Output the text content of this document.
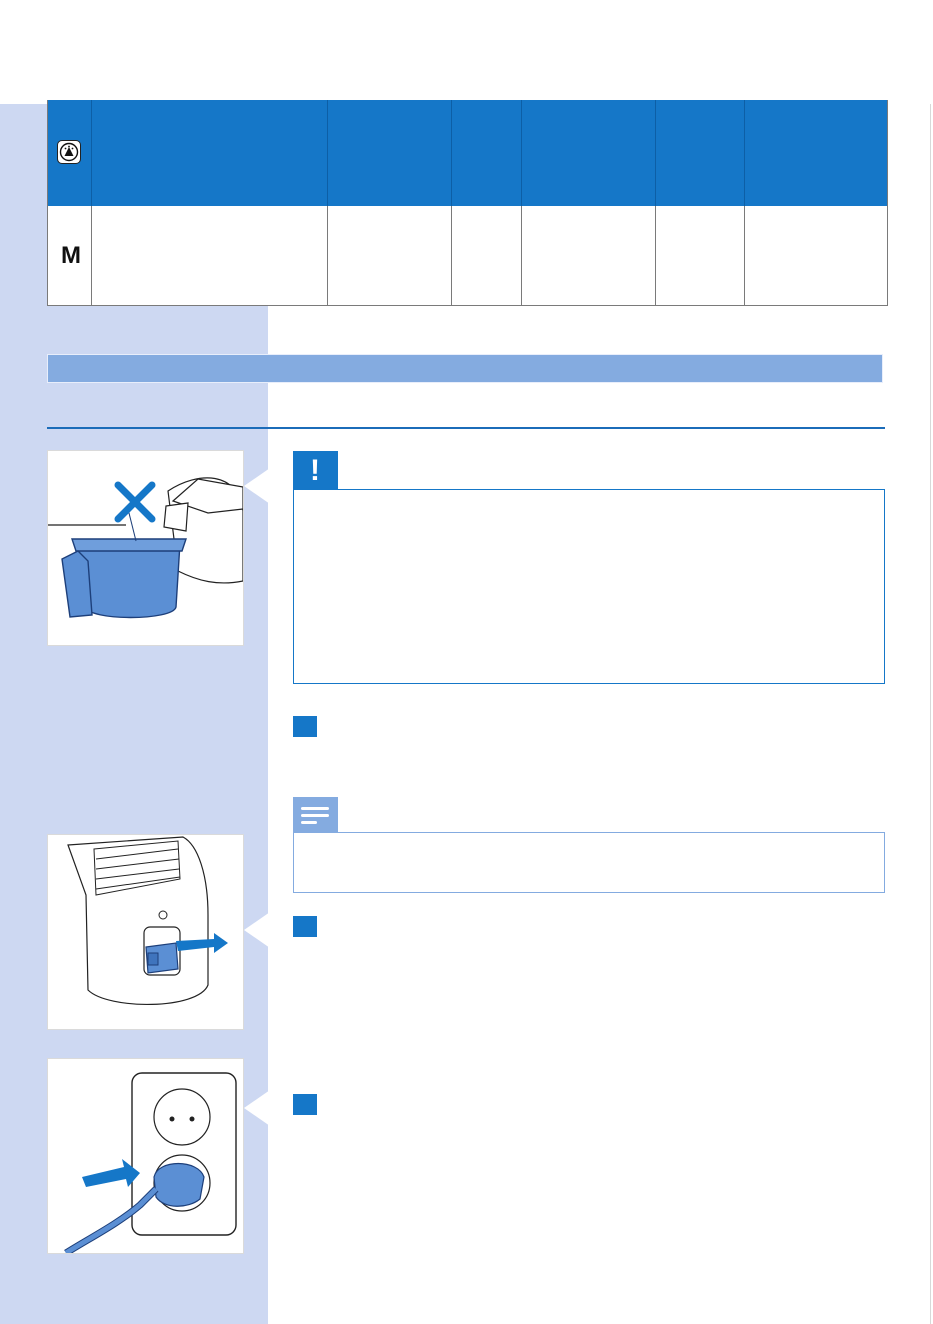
M
!
